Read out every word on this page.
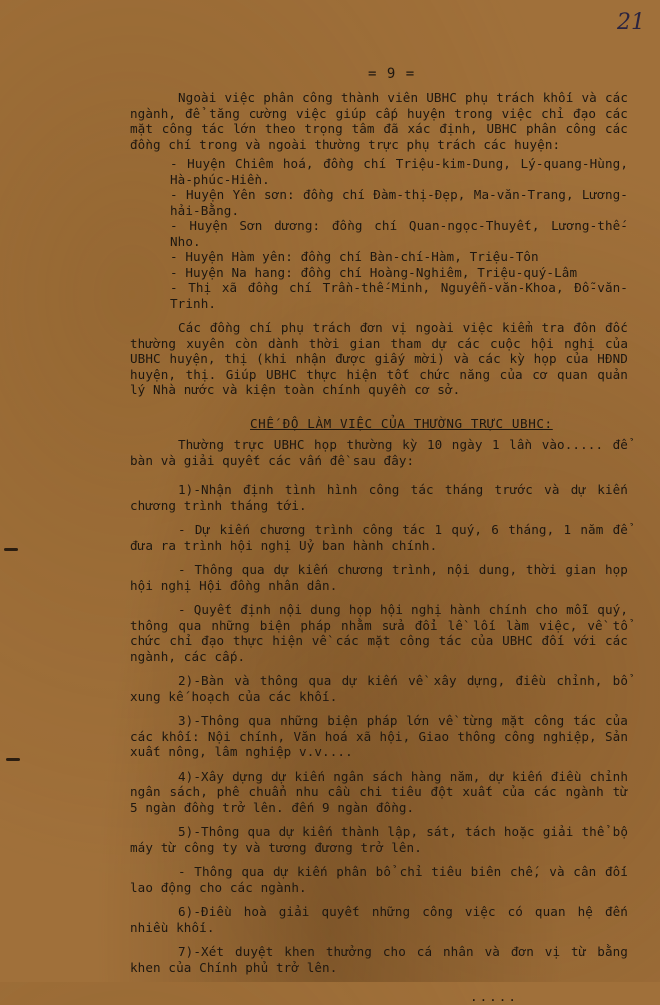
21
= 9 =

Ngoài việc phân công thành viên UBHC phụ trách khối và các ngành, để tăng cường việc giúp cấp huyện trong việc chỉ đạo các mặt công tác lớn theo trọng tâm đã xác định, UBHC phân công các đồng chí trong và ngoài thường trực phụ trách các huyện:

- Huyện Chiêm hoá, đồng chí Triệu-kim-Dung, Lý-quang-Hùng, Hà-phúc-Hiền.

- Huyện Yên sơn: đồng chí Đàm-thị-Đẹp, Ma-văn-Trang, Lương-hải-Bằng.

- Huyện Sơn dương: đồng chí Quan-ngọc-Thuyết, Lương-thế-Nho.

- Huyện Hàm yên: đồng chí Bàn-chí-Hàm, Triệu-Tôn

- Huyện Na hang: đồng chí Hoàng-Nghiêm, Triệu-quý-Lâm

- Thị xã đồng chí Trần-thế-Minh, Nguyễn-văn-Khoa, Đỗ-văn-Trinh.

Các đồng chí phụ trách đơn vị ngoài việc kiểm tra đôn đốc thường xuyên còn dành thời gian tham dự các cuộc hội nghị của UBHC huyện, thị (khi nhận được giấy mời) và các kỳ họp của HĐND huyện, thị. Giúp UBHC thực hiện tốt chức năng của cơ quan quản lý Nhà nước và kiện toàn chính quyền cơ sở.

CHẾ ĐỘ LÀM VIỆC CỦA THƯỜNG TRỰC UBHC:

Thường trực UBHC họp thường kỳ 10 ngày 1 lần vào..... để bàn và giải quyết các vấn đề sau đây:

1)-Nhận định tình hình công tác tháng trước và dự kiến chương trình tháng tới.

- Dự kiến chương trình công tác 1 quý, 6 tháng, 1 năm để đưa ra trình hội nghị Uỷ ban hành chính.

- Thông qua dự kiến chương trình, nội dung, thời gian họp hội nghị Hội đồng nhân dân.

- Quyết định nội dung họp hội nghị hành chính cho mỗi quý, thông qua những biện pháp nhằm sửa đổi lề lối làm việc, về tổ chức chỉ đạo thực hiện về các mặt công tác của UBHC đối với các ngành, các cấp.

2)-Bàn và thông qua dự kiến về xây dựng, điều chỉnh, bổ xung kế hoạch của các khối.

3)-Thông qua những biện pháp lớn về từng mặt công tác của các khối: Nội chính, Văn hoá xã hội, Giao thông công nghiệp, Sản xuất nông, lâm nghiệp v.v....

4)-Xây dựng dự kiến ngân sách hàng năm, dự kiến điều chỉnh ngân sách, phê chuẩn nhu cầu chi tiêu đột xuất của các ngành từ 5 ngàn đồng trở lên. đến 9 ngàn đồng.

5)-Thông qua dự kiến thành lập, sát, tách hoặc giải thể bộ máy từ công ty và tương đương trở lên.

- Thông qua dự kiến phân bổ chỉ tiêu biên chế, và cân đối lao động cho các ngành.

6)-Điều hoà giải quyết những công việc có quan hệ đến nhiều khối.

7)-Xét duyệt khen thưởng cho cá nhân và đơn vị từ bằng khen của Chính phủ trở lên.

.....
